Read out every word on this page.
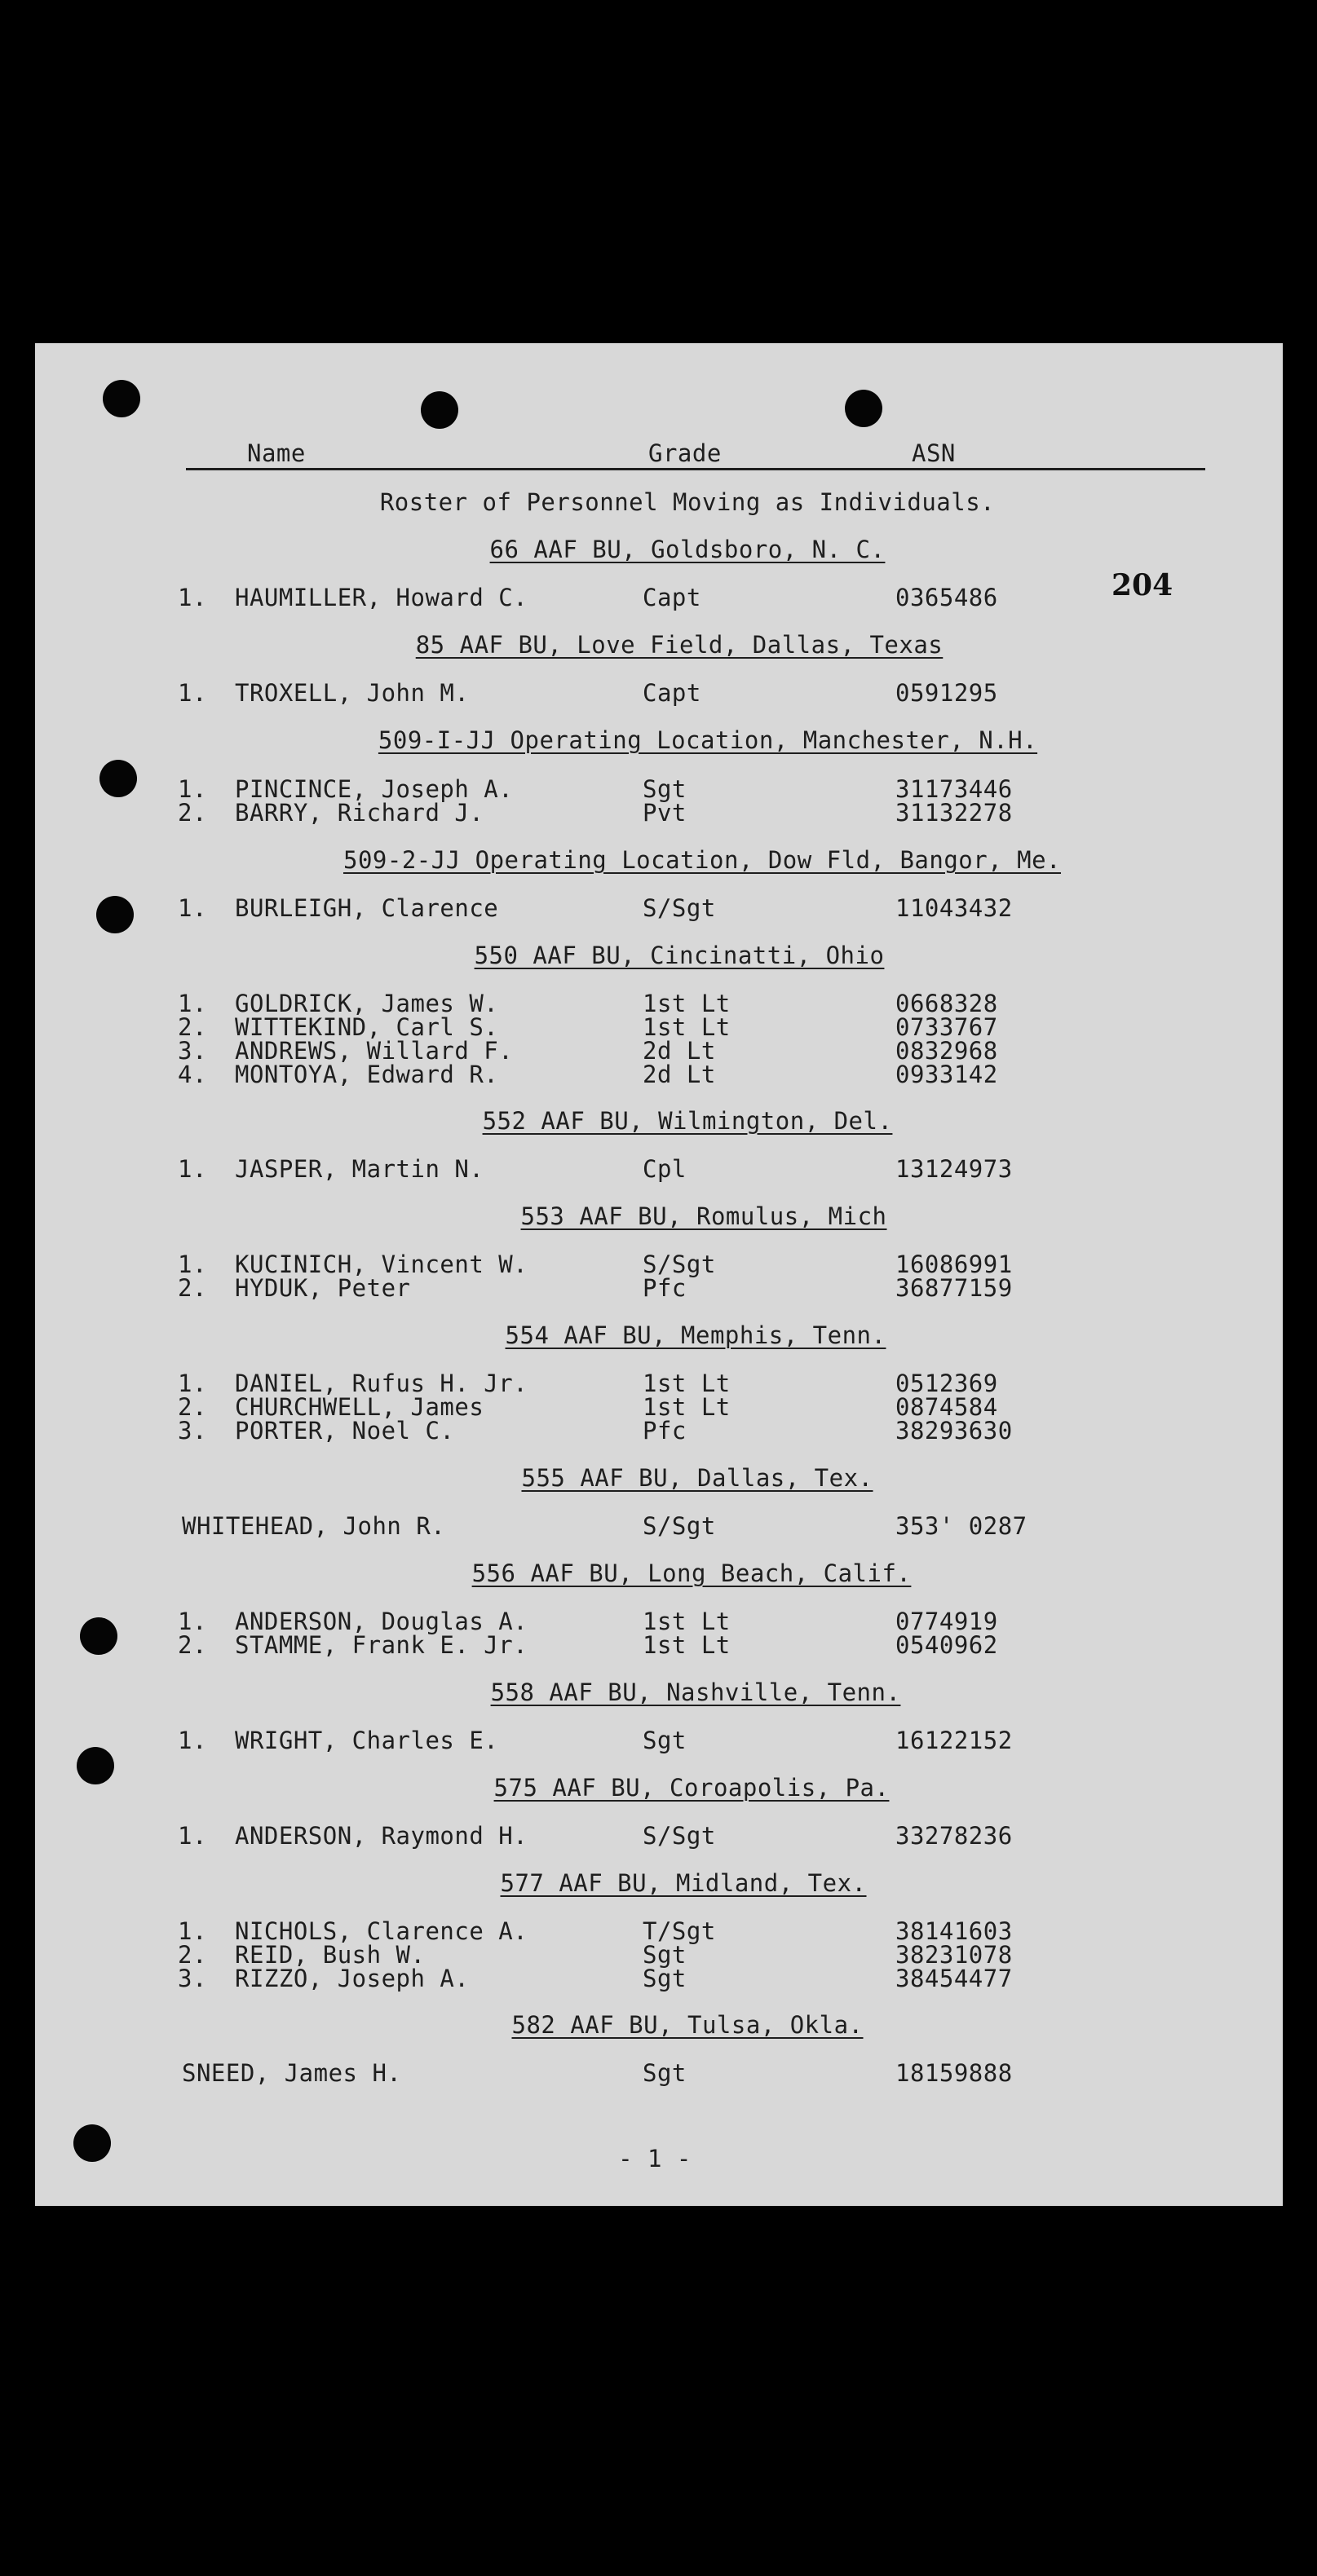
Name	Grade	ASN
Roster of Personnel Moving as Individuals.
204
66 AAF BU, Goldsboro, N. C.
1. HAUMILLER, Howard C.	Capt	0365486
85 AAF BU, Love Field, Dallas, Texas
1. TROXELL, John M.	Capt	0591295
509-I-JJ Operating Location, Manchester, N.H.
1. PINCINCE, Joseph A.	Sgt	31173446
2. BARRY, Richard J.	Pvt	31132278
509-2-JJ Operating Location, Dow Fld, Bangor, Me.
1. BURLEIGH, Clarence	S/Sgt	11043432
550 AAF BU, Cincinatti, Ohio
1. GOLDRICK, James W.	1st Lt	0668328
2. WITTEKIND, Carl S.	1st Lt	0733767
3. ANDREWS, Willard F.	2d Lt	0832968
4. MONTOYA, Edward R.	2d Lt	0933142
552 AAF BU, Wilmington, Del.
1. JASPER, Martin N.	Cpl	13124973
553 AAF BU, Romulus, Mich
1. KUCINICH, Vincent W.	S/Sgt	16086991
2. HYDUK, Peter	Pfc	36877159
554 AAF BU, Memphis, Tenn.
1. DANIEL, Rufus H. Jr.	1st Lt	0512369
2. CHURCHWELL, James	1st Lt	0874584
3. PORTER, Noel C.	Pfc	38293630
555 AAF BU, Dallas, Tex.
WHITEHEAD, John R.	S/Sgt	353' 0287
556 AAF BU, Long Beach, Calif.
1. ANDERSON, Douglas A.	1st Lt	0774919
2. STAMME, Frank E. Jr.	1st Lt	0540962
558 AAF BU, Nashville, Tenn.
1. WRIGHT, Charles E.	Sgt	16122152
575 AAF BU, Coroapolis, Pa.
1. ANDERSON, Raymond H.	S/Sgt	33278236
577 AAF BU, Midland, Tex.
1. NICHOLS, Clarence A.	T/Sgt	38141603
2. REID, Bush W.	Sgt	38231078
3. RIZZO, Joseph A.	Sgt	38454477
582 AAF BU, Tulsa, Okla.
SNEED, James H.	Sgt	18159888
- 1 -
